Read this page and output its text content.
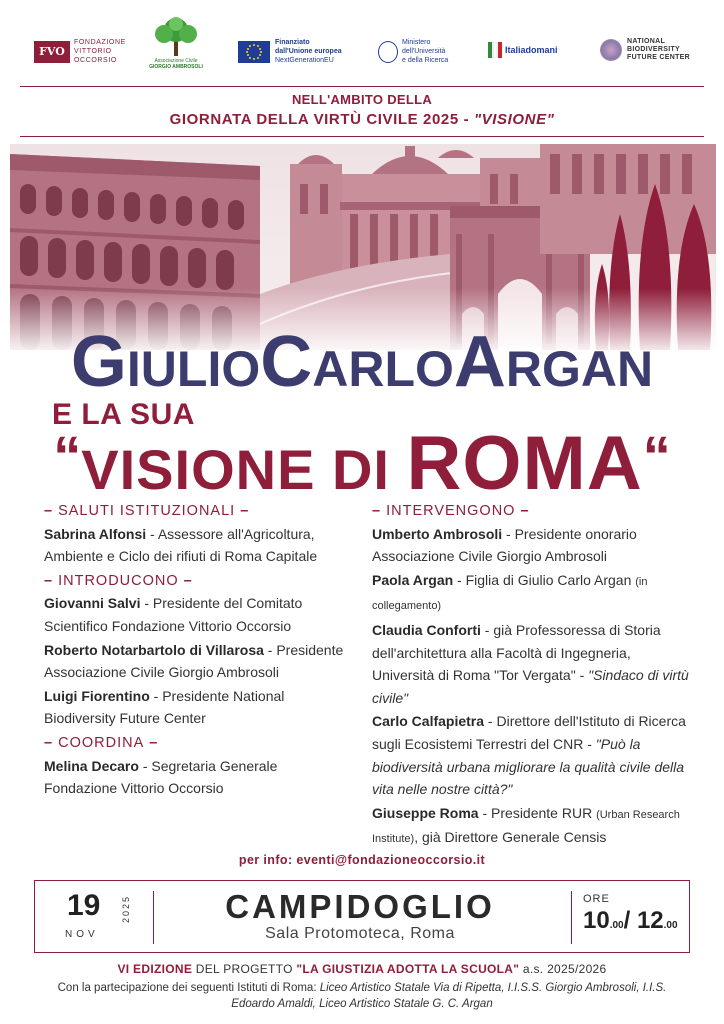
FVO
FONDAZIONE
VITTORIO
OCCORSIO	Associazione Civile
GIORGIO AMBROSOLI
Finanziato
dall'Unione europea
NextGenerationEU
Ministero
dell'Università
e della Ricerca
Italiadomani
NATIONAL
BIODIVERSITY
FUTURE CENTER
NELL'AMBITO DELLA
GIORNATA DELLA VIRTÙ CIVILE 2025 - "VISIONE"
GIULIOCARLOARGAN
E LA SUA
“VISIONE DI ROMA“
– SALUTI ISTITUZIONALI –
Sabrina Alfonsi - Assessore all'Agricoltura, Ambiente e Ciclo dei rifiuti di Roma Capitale
– INTRODUCONO –
Giovanni Salvi - Presidente del Comitato Scientifico Fondazione Vittorio Occorsio
Roberto Notarbartolo di Villarosa - Presidente Associazione Civile Giorgio Ambrosoli
Luigi Fiorentino - Presidente National Biodiversity Future Center
– COORDINA –
Melina Decaro - Segretaria Generale Fondazione Vittorio Occorsio
– INTERVENGONO –
Umberto Ambrosoli - Presidente onorario Associazione Civile Giorgio Ambrosoli
Paola Argan - Figlia di Giulio Carlo Argan (in collegamento)
Claudia Conforti - già Professoressa di Storia dell'architettura alla Facoltà di Ingegneria, Università di Roma "Tor Vergata" - "Sindaco di virtù civile"
Carlo Calfapietra - Direttore dell'Istituto di Ricerca sugli Ecosistemi Terrestri del CNR - "Può la biodiversità urbana migliorare la qualità civile della vita nelle nostre città?"
Giuseppe Roma - Presidente RUR (Urban Research Institute), già Direttore Generale Censis
per info: eventi@fondazioneoccorsio.it
19
NOV
2025	CAMPIDOGLIO
Sala Protomoteca, Roma
ORE
10.00/ 12.00
VI EDIZIONE DEL PROGETTO "LA GIUSTIZIA ADOTTA LA SCUOLA" a.s. 2025/2026
Con la partecipazione dei seguenti Istituti di Roma: Liceo Artistico Statale Via di Ripetta, I.I.S.S. Giorgio Ambrosoli, I.I.S. Edoardo Amaldi, Liceo Artistico Statale G. C. Argan
